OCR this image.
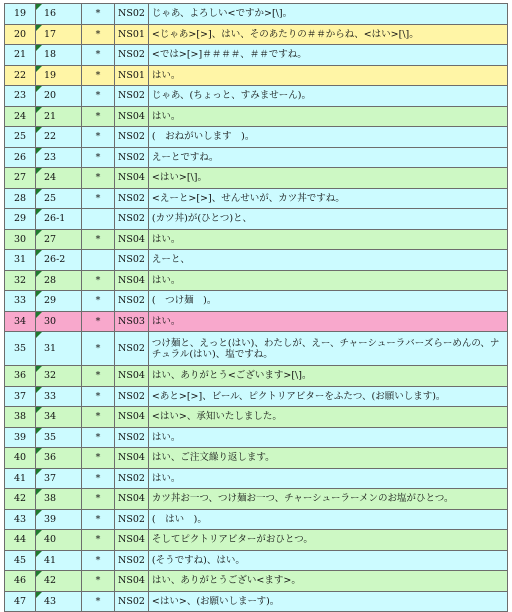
19	16	*	NS02	じゃあ、よろしい<ですか>[\]。
20	17	*	NS01	<じゃあ>[>]、はい、そのあたりの＃＃からね、<はい>[\]。
21	18	*	NS02	<では>[>]＃＃＃＃、＃＃ですね。
22	19	*	NS01	はい。
23	20	*	NS02	じゃあ、(ちょっと、すみませーん)。
24	21	*	NS04	はい。
25	22	*	NS02	(　おねがいします　)。
26	23	*	NS02	えーとですね。
27	24	*	NS04	<はい>[\]。
28	25	*	NS02	<えーと>[>]、せんせいが、カツ丼ですね。
29	26-1		NS02	(カツ丼)が(ひとつ)と、
30	27	*	NS04	はい。
31	26-2		NS02	えーと、
32	28	*	NS04	はい。
33	29	*	NS02	(　つけ麺　)。
34	30	*	NS03	はい。
35	31	*	NS02	つけ麺と、えっと(はい)、わたしが、えー、チャーシューラバーズらーめんの、ナチュラル(はい)、塩ですね。
36	32	*	NS04	はい、ありがとう<ございます>[\]。
37	33	*	NS02	<あと>[>]、ビール、ピクトリアビターをふたつ、(お願いします)。
38	34	*	NS04	<はい>、承知いたしました。
39	35	*	NS02	はい。
40	36	*	NS04	はい、ご注文繰り返します。
41	37	*	NS02	はい。
42	38	*	NS04	カツ丼お一つ、つけ麺お一つ、チャーシューラーメンのお塩がひとつ。
43	39	*	NS02	(　はい　)。
44	40	*	NS04	そしてピクトリアビターがおひとつ。
45	41	*	NS02	(そうですね)、はい。
46	42	*	NS04	はい、ありがとうござい<ます>。
47	43	*	NS02	<はい>、(お願いしまーす)。
